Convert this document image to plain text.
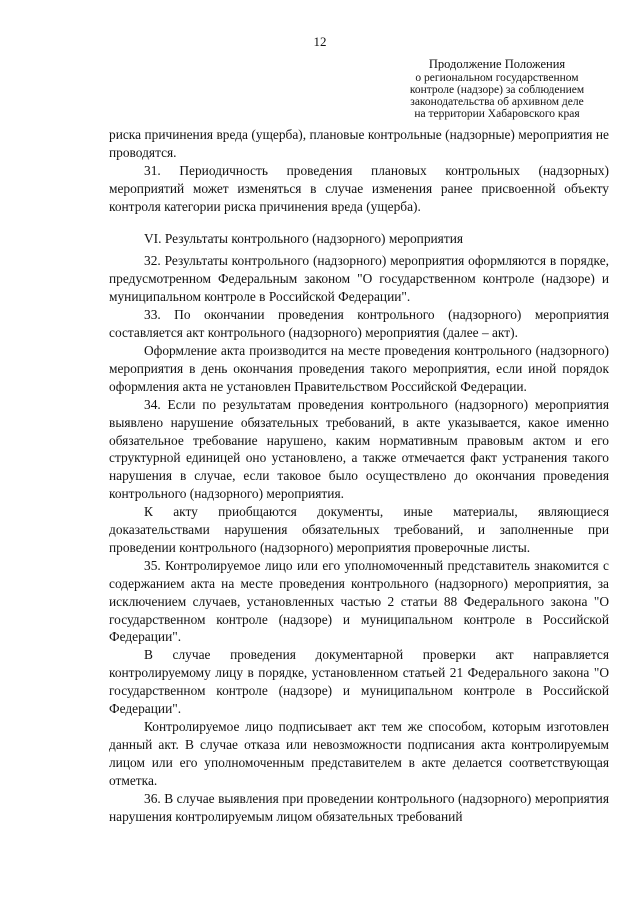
12
Продолжение Положения
о региональном государственном
контроле (надзоре) за соблюдением
законодательства об архивном деле
на территории Хабаровского края

риска причинения вреда (ущерба), плановые контрольные (надзорные) мероприятия не проводятся.

31. Периодичность проведения плановых контрольных (надзорных) мероприятий может изменяться в случае изменения ранее присвоенной объекту контроля категории риска причинения вреда (ущерба).

VI. Результаты контрольного (надзорного) мероприятия

32. Результаты контрольного (надзорного) мероприятия оформляются в порядке, предусмотренном Федеральным законом "О государственном контроле (надзоре) и муниципальном контроле в Российской Федерации".

33. По окончании проведения контрольного (надзорного) мероприятия составляется акт контрольного (надзорного) мероприятия (далее – акт).

Оформление акта производится на месте проведения контрольного (надзорного) мероприятия в день окончания проведения такого мероприятия, если иной порядок оформления акта не установлен Правительством Российской Федерации.

34. Если по результатам проведения контрольного (надзорного) мероприятия выявлено нарушение обязательных требований, в акте указывается, какое именно обязательное требование нарушено, каким нормативным правовым актом и его структурной единицей оно установлено, а также отмечается факт устранения такого нарушения в случае, если таковое было осуществлено до окончания проведения контрольного (надзорного) мероприятия.

К акту приобщаются документы, иные материалы, являющиеся доказательствами нарушения обязательных требований, и заполненные при проведении контрольного (надзорного) мероприятия проверочные листы.

35. Контролируемое лицо или его уполномоченный представитель знакомится с содержанием акта на месте проведения контрольного (надзорного) мероприятия, за исключением случаев, установленных частью 2 статьи 88 Федерального закона "О государственном контроле (надзоре) и муниципальном контроле в Российской Федерации".

В случае проведения документарной проверки акт направляется контролируемому лицу в порядке, установленном статьей 21 Федерального закона "О государственном контроле (надзоре) и муниципальном контроле в Российской Федерации".

Контролируемое лицо подписывает акт тем же способом, которым изготовлен данный акт. В случае отказа или невозможности подписания акта контролируемым лицом или его уполномоченным представителем в акте делается соответствующая отметка.

36. В случае выявления при проведении контрольного (надзорного) мероприятия нарушения контролируемым лицом обязательных требований
